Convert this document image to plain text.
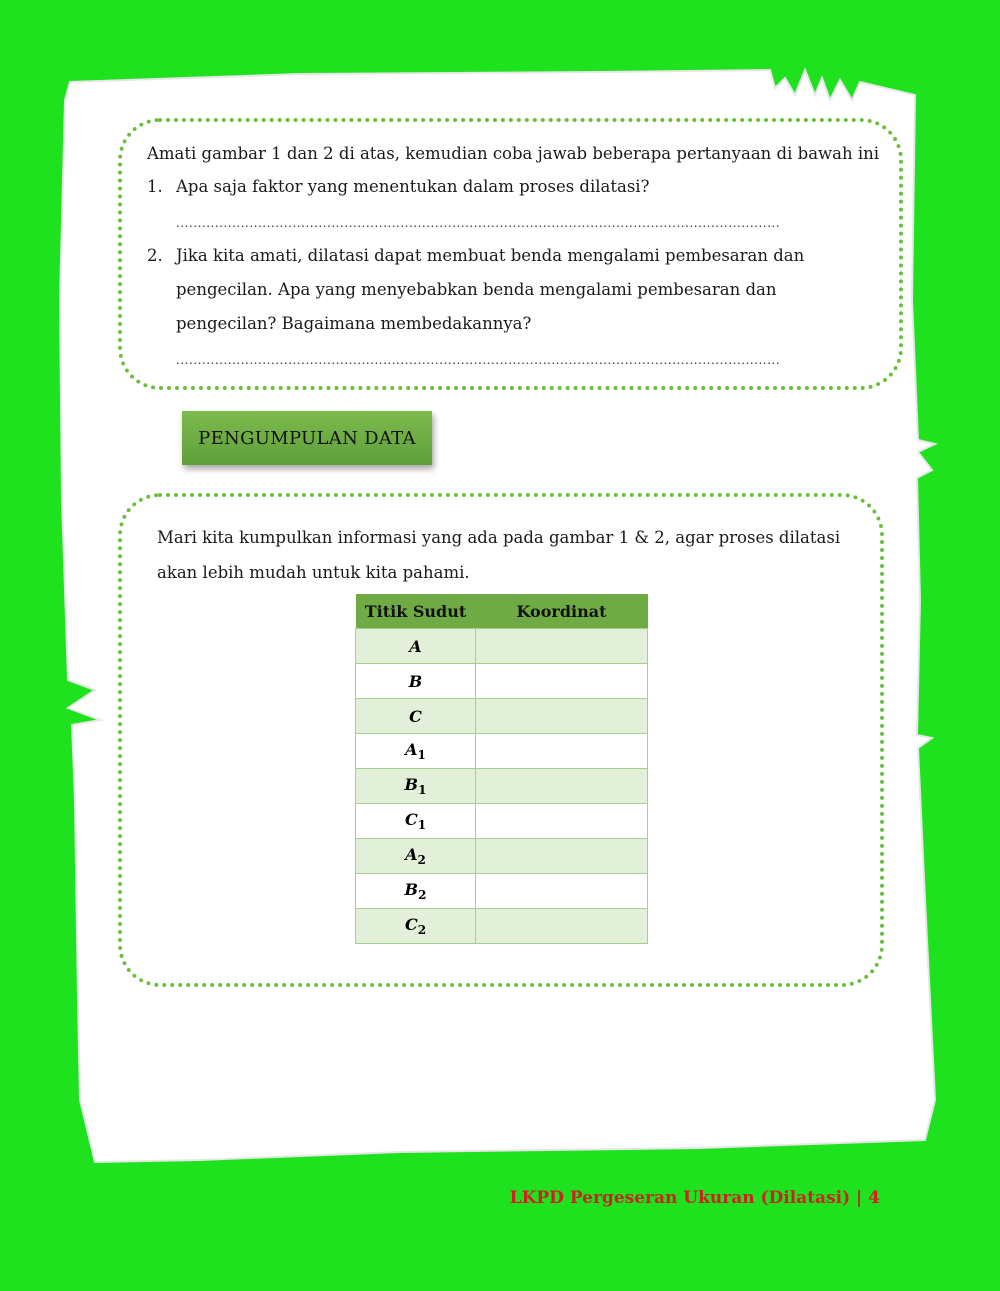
Amati gambar 1 dan 2 di atas, kemudian coba jawab beberapa pertanyaan di bawah ini
1. Apa saja faktor yang menentukan dalam proses dilatasi?
............................................................................................................................................
2. Jika kita amati, dilatasi dapat membuat benda mengalami pembesaran dan
pengecilan. Apa yang menyebabkan benda mengalami pembesaran dan
pengecilan? Bagaimana membedakannya?
............................................................................................................................................
PENGUMPULAN DATA
Mari kita kumpulkan informasi yang ada pada gambar 1 & 2, agar proses dilatasi
akan lebih mudah untuk kita pahami.
Titik Sudut	Koordinat
A	
B	
C	
$A_1$	
$B_1$	
$C_1$	
$A_2$	
$B_2$	
$C_2$	
LKPD Pergeseran Ukuran (Dilatasi) | 4
